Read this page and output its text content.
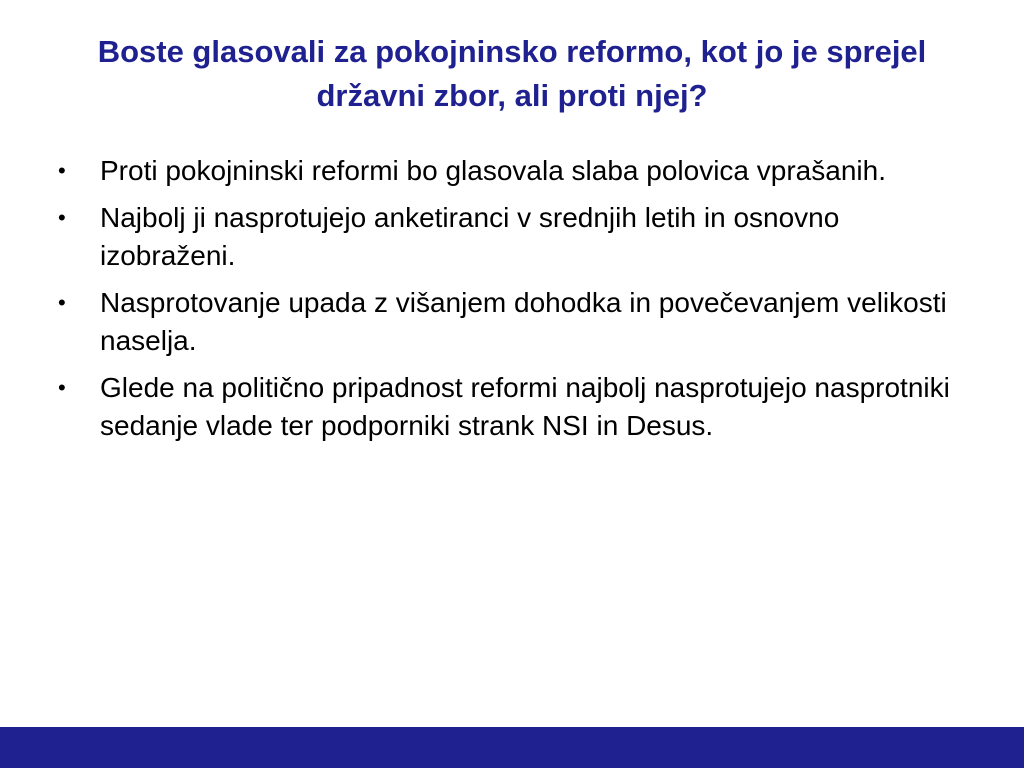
Boste glasovali za pokojninsko reformo, kot jo je sprejel državni zbor, ali proti njej?
• Proti pokojninski reformi bo glasovala slaba polovica vprašanih.
• Najbolj ji nasprotujejo anketiranci v srednjih letih in osnovno izobraženi.
• Nasprotovanje upada z višanjem dohodka in povečevanjem velikosti naselja.
• Glede na politično pripadnost reformi najbolj nasprotujejo nasprotniki sedanje vlade ter podporniki strank NSI in Desus.
